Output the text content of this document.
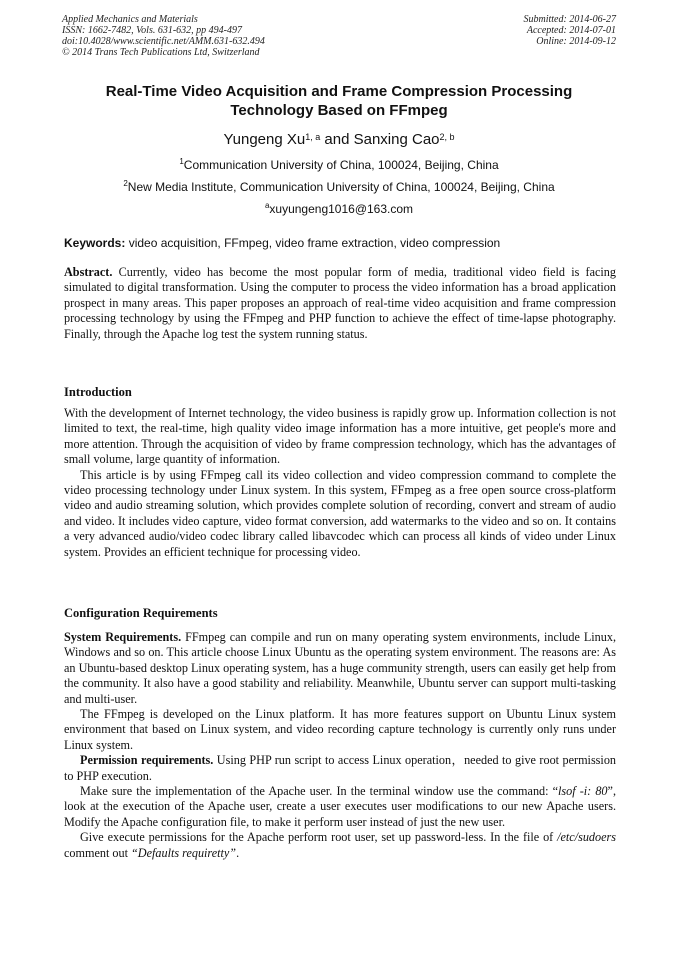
Applied Mechanics and Materials
ISSN: 1662-7482, Vols. 631-632, pp 494-497
doi:10.4028/www.scientific.net/AMM.631-632.494
© 2014 Trans Tech Publications Ltd, Switzerland
Submitted: 2014-06-27
Accepted: 2014-07-01
Online: 2014-09-12
Real-Time Video Acquisition and Frame Compression Processing
Technology Based on FFmpeg
Yungeng Xu$^{1, a}$ and Sanxing Cao$^{2, b}$
$^1$Communication University of China, 100024, Beijing, China
$^2$New Media Institute, Communication University of China, 100024, Beijing, China
$^a$xuyungeng1016@163.com
Keywords: video acquisition, FFmpeg, video frame extraction, video compression

Abstract. Currently, video has become the most popular form of media, traditional video field is facing simulated to digital transformation. Using the computer to process the video information has a broad application prospect in many areas. This paper proposes an approach of real-time video acquisition and frame compression processing technology by using the FFmpeg and PHP function to achieve the effect of time-lapse photography. Finally, through the Apache log test the system running status.

Introduction

With the development of Internet technology, the video business is rapidly grow up. Information collection is not limited to text, the real-time, high quality video image information has a more intuitive, get people's more and more attention. Through the acquisition of video by frame compression technology, which has the advantages of small volume, large quantity of information.

This article is by using FFmpeg call its video collection and video compression command to complete the video processing technology under Linux system. In this system, FFmpeg as a free open source cross-platform video and audio streaming solution, which provides complete solution of recording, convert and stream of audio and video. It includes video capture, video format conversion, add watermarks to the video and so on. It contains a very advanced audio/video codec library called libavcodec which can process all kinds of video under Linux system. Provides an efficient technique for processing video.

Configuration Requirements

System Requirements. FFmpeg can compile and run on many operating system environments, include Linux, Windows and so on. This article choose Linux Ubuntu as the operating system environment. The reasons are: As an Ubuntu-based desktop Linux operating system, has a huge community strength, users can easily get help from the community. It also have a good stability and reliability. Meanwhile, Ubuntu server can support multi-tasking and multi-user.

The FFmpeg is developed on the Linux platform. It has more features support on Ubuntu Linux system environment that based on Linux system, and video recording capture technology is currently only runs under Linux system.

Permission requirements. Using PHP run script to access Linux operation，needed to give root permission to PHP execution.

Make sure the implementation of the Apache user. In the terminal window use the command: “lsof -i: 80”, look at the execution of the Apache user, create a user executes user modifications to our new Apache users. Modify the Apache configuration file, to make it perform user instead of just the new user.

Give execute permissions for the Apache perform root user, set up password-less. In the file of /etc/sudoers comment out “Defaults requiretty”.
